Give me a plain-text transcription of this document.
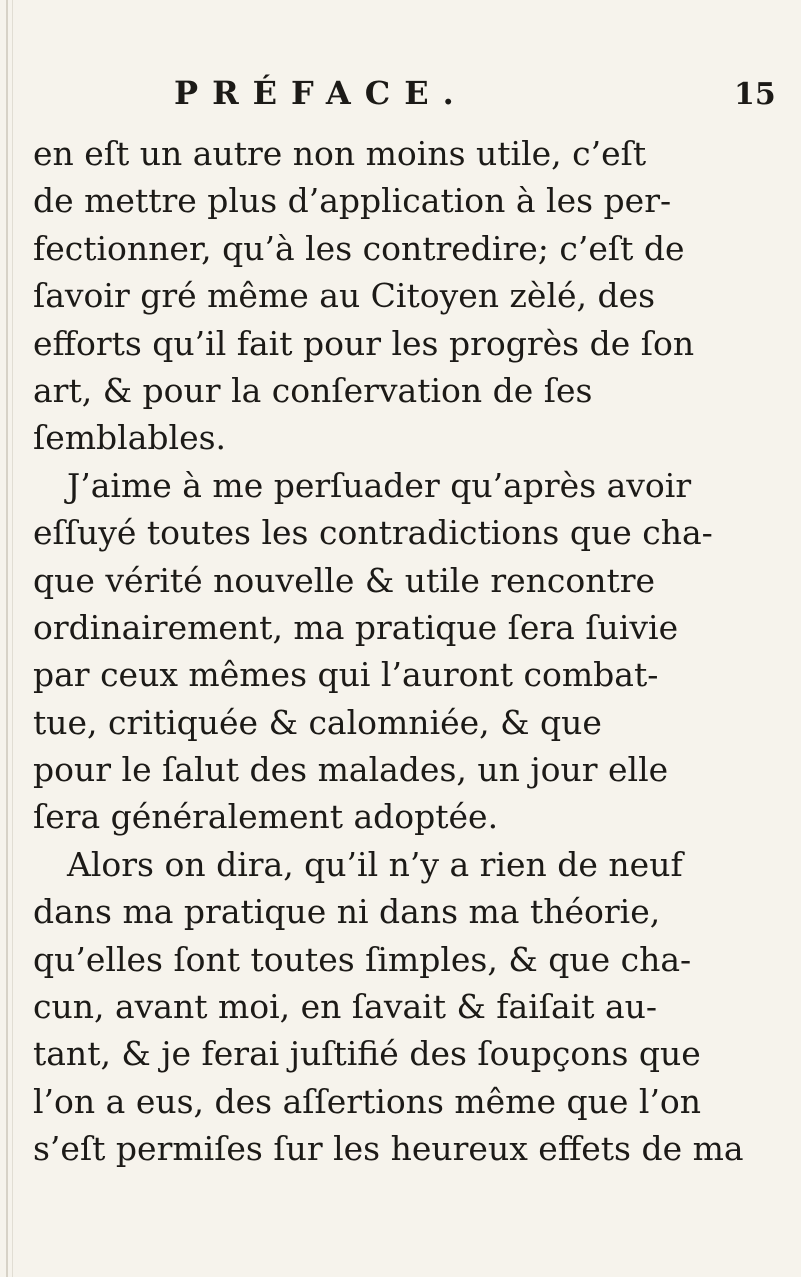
PRÉFACE.	15
en eſt un autre non moins utile, c’eſt
de mettre plus d’application à les per-
fectionner, qu’à les contredire; c’eſt de
ſavoir gré même au Citoyen zèlé, des
efforts qu’il fait pour les progrès de ſon
art, & pour la conſervation de ſes
ſemblables.
J’aime à me perſuader qu’après avoir
eſſuyé toutes les contradictions que cha-
que vérité nouvelle & utile rencontre
ordinairement, ma pratique ſera ſuivie
par ceux mêmes qui l’auront combat-
tue, critiquée & calomniée, & que
pour le ſalut des malades, un jour elle
ſera généralement adoptée.
Alors on dira, qu’il n’y a rien de neuf
dans ma pratique ni dans ma théorie,
qu’elles ſont toutes ſimples, & que cha-
cun, avant moi, en ſavait & faiſait au-
tant, & je ferai juſtifié des ſoupçons que
l’on a eus, des aſſertions même que l’on
s’eſt permiſes ſur les heureux effets de ma
